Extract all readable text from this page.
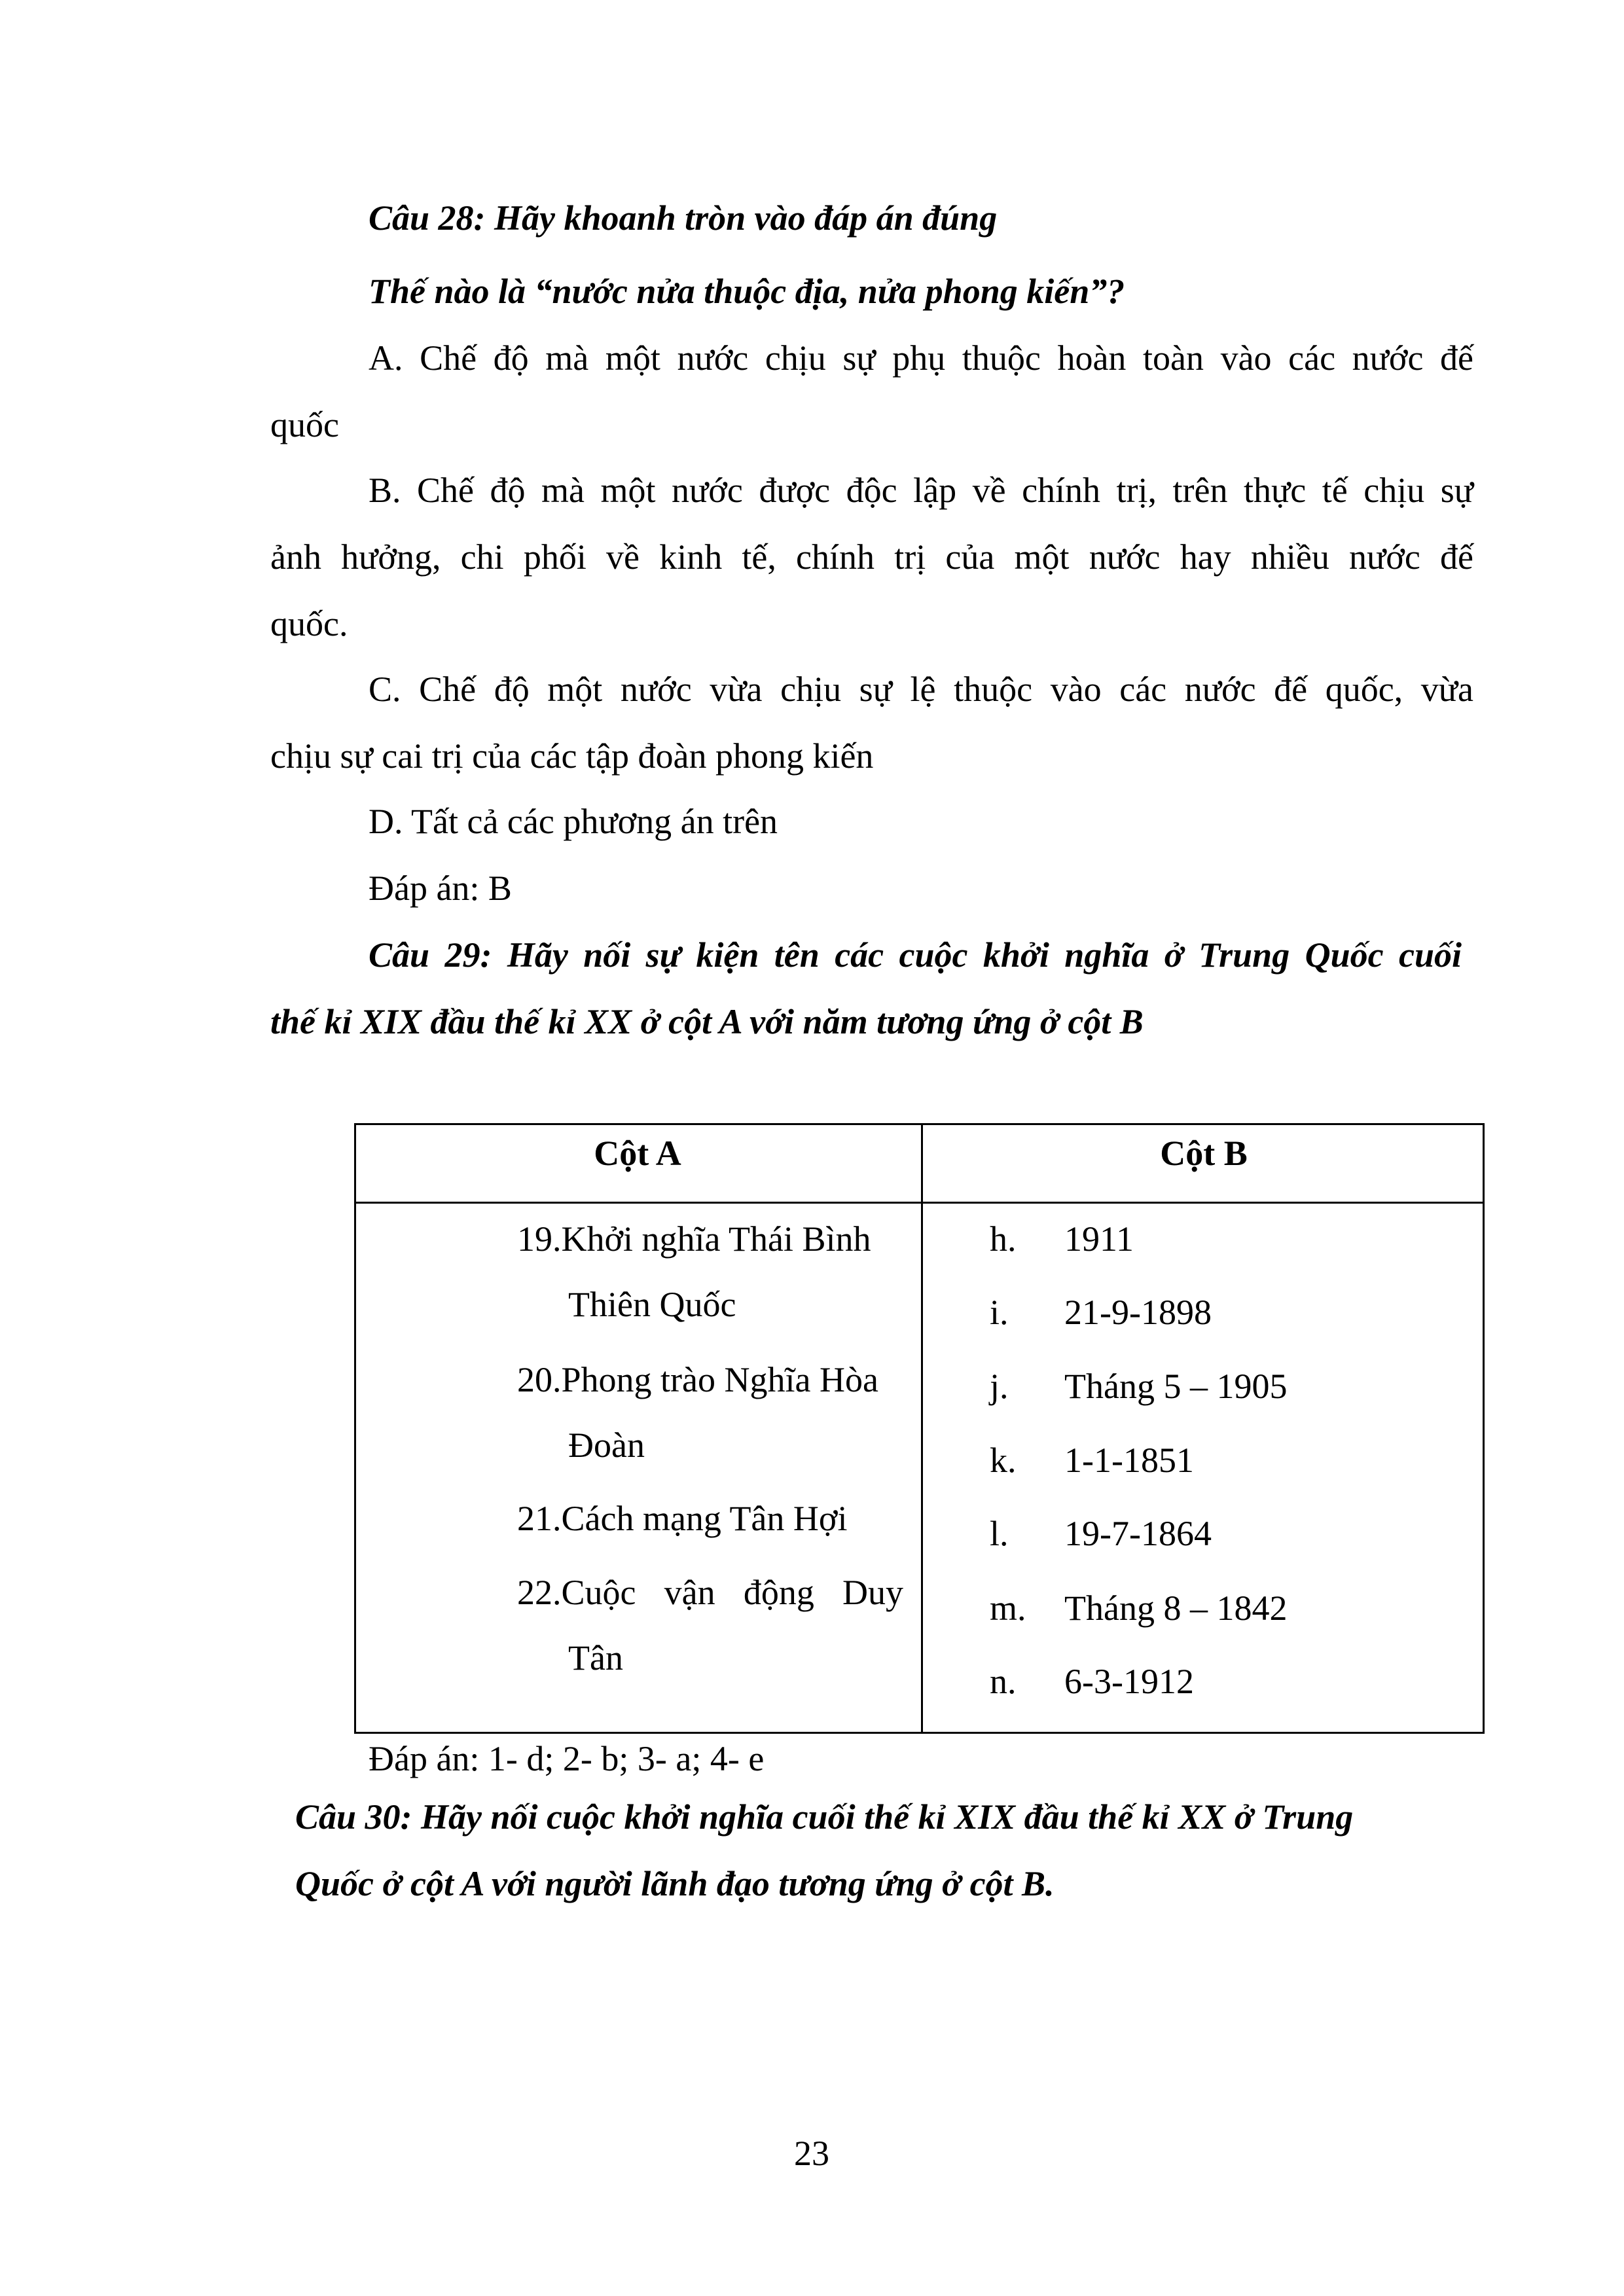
Câu 28: Hãy khoanh tròn vào đáp án đúng
Thế nào là “nước nửa thuộc địa, nửa phong kiến”?
A. Chế độ mà một nước chịu sự phụ thuộc hoàn toàn vào các nước đế
quốc
B. Chế độ mà một nước được độc lập về chính trị, trên thực tế chịu sự
ảnh hưởng, chi phối về kinh tế, chính trị của một nước hay nhiều nước đế
quốc.
C. Chế độ một nước vừa chịu sự lệ thuộc vào các nước đế quốc, vừa
chịu sự cai trị của các tập đoàn phong kiến
D. Tất cả các phương án trên
Đáp án: B
Câu 29: Hãy nối sự kiện tên các cuộc khởi nghĩa ở Trung Quốc cuối
thế kỉ XIX đầu thế kỉ XX ở cột A với năm tương ứng ở cột B
Cột A	Cột B
19.Khởi nghĩa Thái Bình
Thiên Quốc
20.Phong trào Nghĩa Hòa
Đoàn
21.Cách mạng Tân Hợi
22.Cuộc vận động Duy
Tân
h. 1911
i. 21-9-1898
j. Tháng 5 – 1905
k. 1-1-1851
l. 19-7-1864
m. Tháng 8 – 1842
n. 6-3-1912
Đáp án: 1- d; 2- b; 3- a; 4- e
Câu 30: Hãy nối cuộc khởi nghĩa cuối thế kỉ XIX đầu thế kỉ XX ở Trung
Quốc ở cột A với người lãnh đạo tương ứng ở cột B.
23
